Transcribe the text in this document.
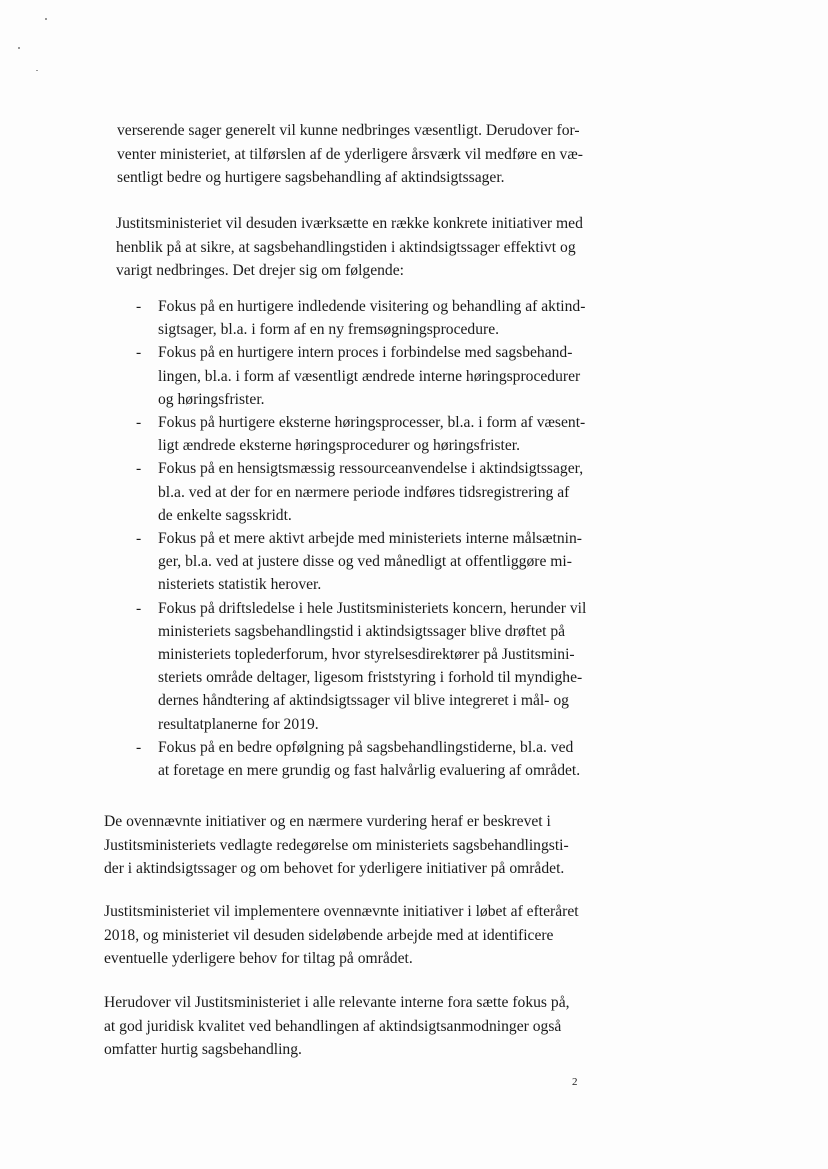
verserende sager generelt vil kunne nedbringes væsentligt. Derudover for-
venter ministeriet, at tilførslen af de yderligere årsværk vil medføre en væ-
sentligt bedre og hurtigere sagsbehandling af aktindsigtssager.

Justitsministeriet vil desuden iværksætte en række konkrete initiativer med
henblik på at sikre, at sagsbehandlingstiden i aktindsigtssager effektivt og
varigt nedbringes. Det drejer sig om følgende:

- Fokus på en hurtigere indledende visitering og behandling af aktind-
sigtsager, bl.a. i form af en ny fremsøgningsprocedure.
- Fokus på en hurtigere intern proces i forbindelse med sagsbehand-
lingen, bl.a. i form af væsentligt ændrede interne høringsprocedurer
og høringsfrister.
- Fokus på hurtigere eksterne høringsprocesser, bl.a. i form af væsent-
ligt ændrede eksterne høringsprocedurer og høringsfrister.
- Fokus på en hensigtsmæssig ressourceanvendelse i aktindsigtssager,
bl.a. ved at der for en nærmere periode indføres tidsregistrering af
de enkelte sagsskridt.
- Fokus på et mere aktivt arbejde med ministeriets interne målsætnin-
ger, bl.a. ved at justere disse og ved månedligt at offentliggøre mi-
nisteriets statistik herover.
- Fokus på driftsledelse i hele Justitsministeriets koncern, herunder vil
ministeriets sagsbehandlingstid i aktindsigtssager blive drøftet på
ministeriets toplederforum, hvor styrelsesdirektører på Justitsmini-
steriets område deltager, ligesom friststyring i forhold til myndighe-
dernes håndtering af aktindsigtssager vil blive integreret i mål- og
resultatplanerne for 2019.
- Fokus på en bedre opfølgning på sagsbehandlingstiderne, bl.a. ved
at foretage en mere grundig og fast halvårlig evaluering af området.

De ovennævnte initiativer og en nærmere vurdering heraf er beskrevet i
Justitsministeriets vedlagte redegørelse om ministeriets sagsbehandlingsti-
der i aktindsigtssager og om behovet for yderligere initiativer på området.

Justitsministeriet vil implementere ovennævnte initiativer i løbet af efteråret
2018, og ministeriet vil desuden sideløbende arbejde med at identificere
eventuelle yderligere behov for tiltag på området.

Herudover vil Justitsministeriet i alle relevante interne fora sætte fokus på,
at god juridisk kvalitet ved behandlingen af aktindsigtsanmodninger også
omfatter hurtig sagsbehandling.

2
